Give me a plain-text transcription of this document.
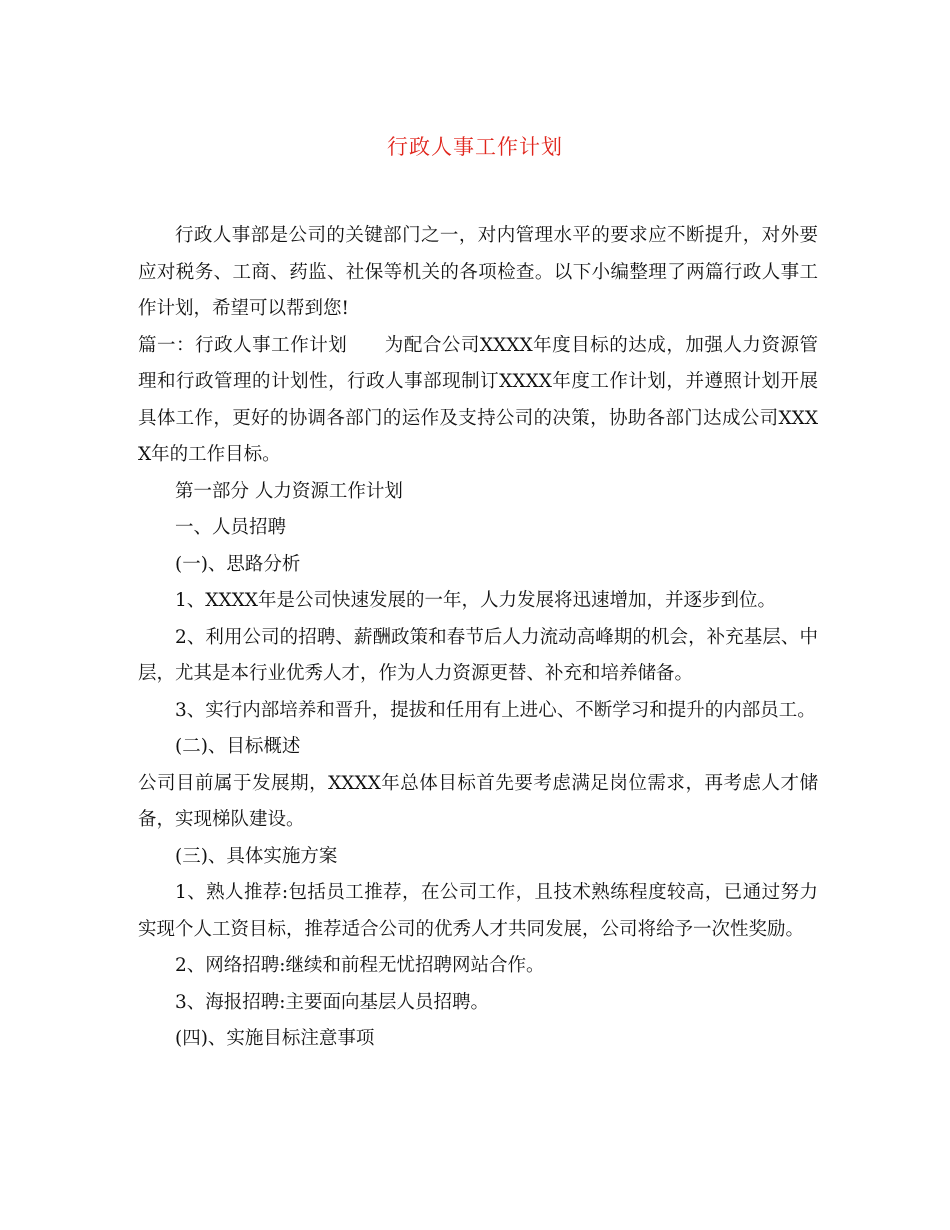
行政人事工作计划

行政人事部是公司的关键部门之一，对内管理水平的要求应不断提升，对外要应对税务、工商、药监、社保等机关的各项检查。以下小编整理了两篇行政人事工作计划，希望可以帮到您!

篇一：行政人事工作计划 为配合公司XXXX年度目标的达成，加强人力资源管理和行政管理的计划性，行政人事部现制订XXXX年度工作计划，并遵照计划开展具体工作，更好的协调各部门的运作及支持公司的决策，协助各部门达成公司XXXX年的工作目标。

第一部分 人力资源工作计划

一、人员招聘

(一)、思路分析

1、XXXX年是公司快速发展的一年，人力发展将迅速增加，并逐步到位。

2、利用公司的招聘、薪酬政策和春节后人力流动高峰期的机会，补充基层、中层，尤其是本行业优秀人才，作为人力资源更替、补充和培养储备。

3、实行内部培养和晋升，提拔和任用有上进心、不断学习和提升的内部员工。

(二)、目标概述

公司目前属于发展期，XXXX年总体目标首先要考虑满足岗位需求，再考虑人才储备，实现梯队建设。

(三)、具体实施方案

1、熟人推荐:包括员工推荐，在公司工作，且技术熟练程度较高，已通过努力实现个人工资目标，推荐适合公司的优秀人才共同发展，公司将给予一次性奖励。

2、网络招聘:继续和前程无忧招聘网站合作。

3、海报招聘:主要面向基层人员招聘。

(四)、实施目标注意事项
